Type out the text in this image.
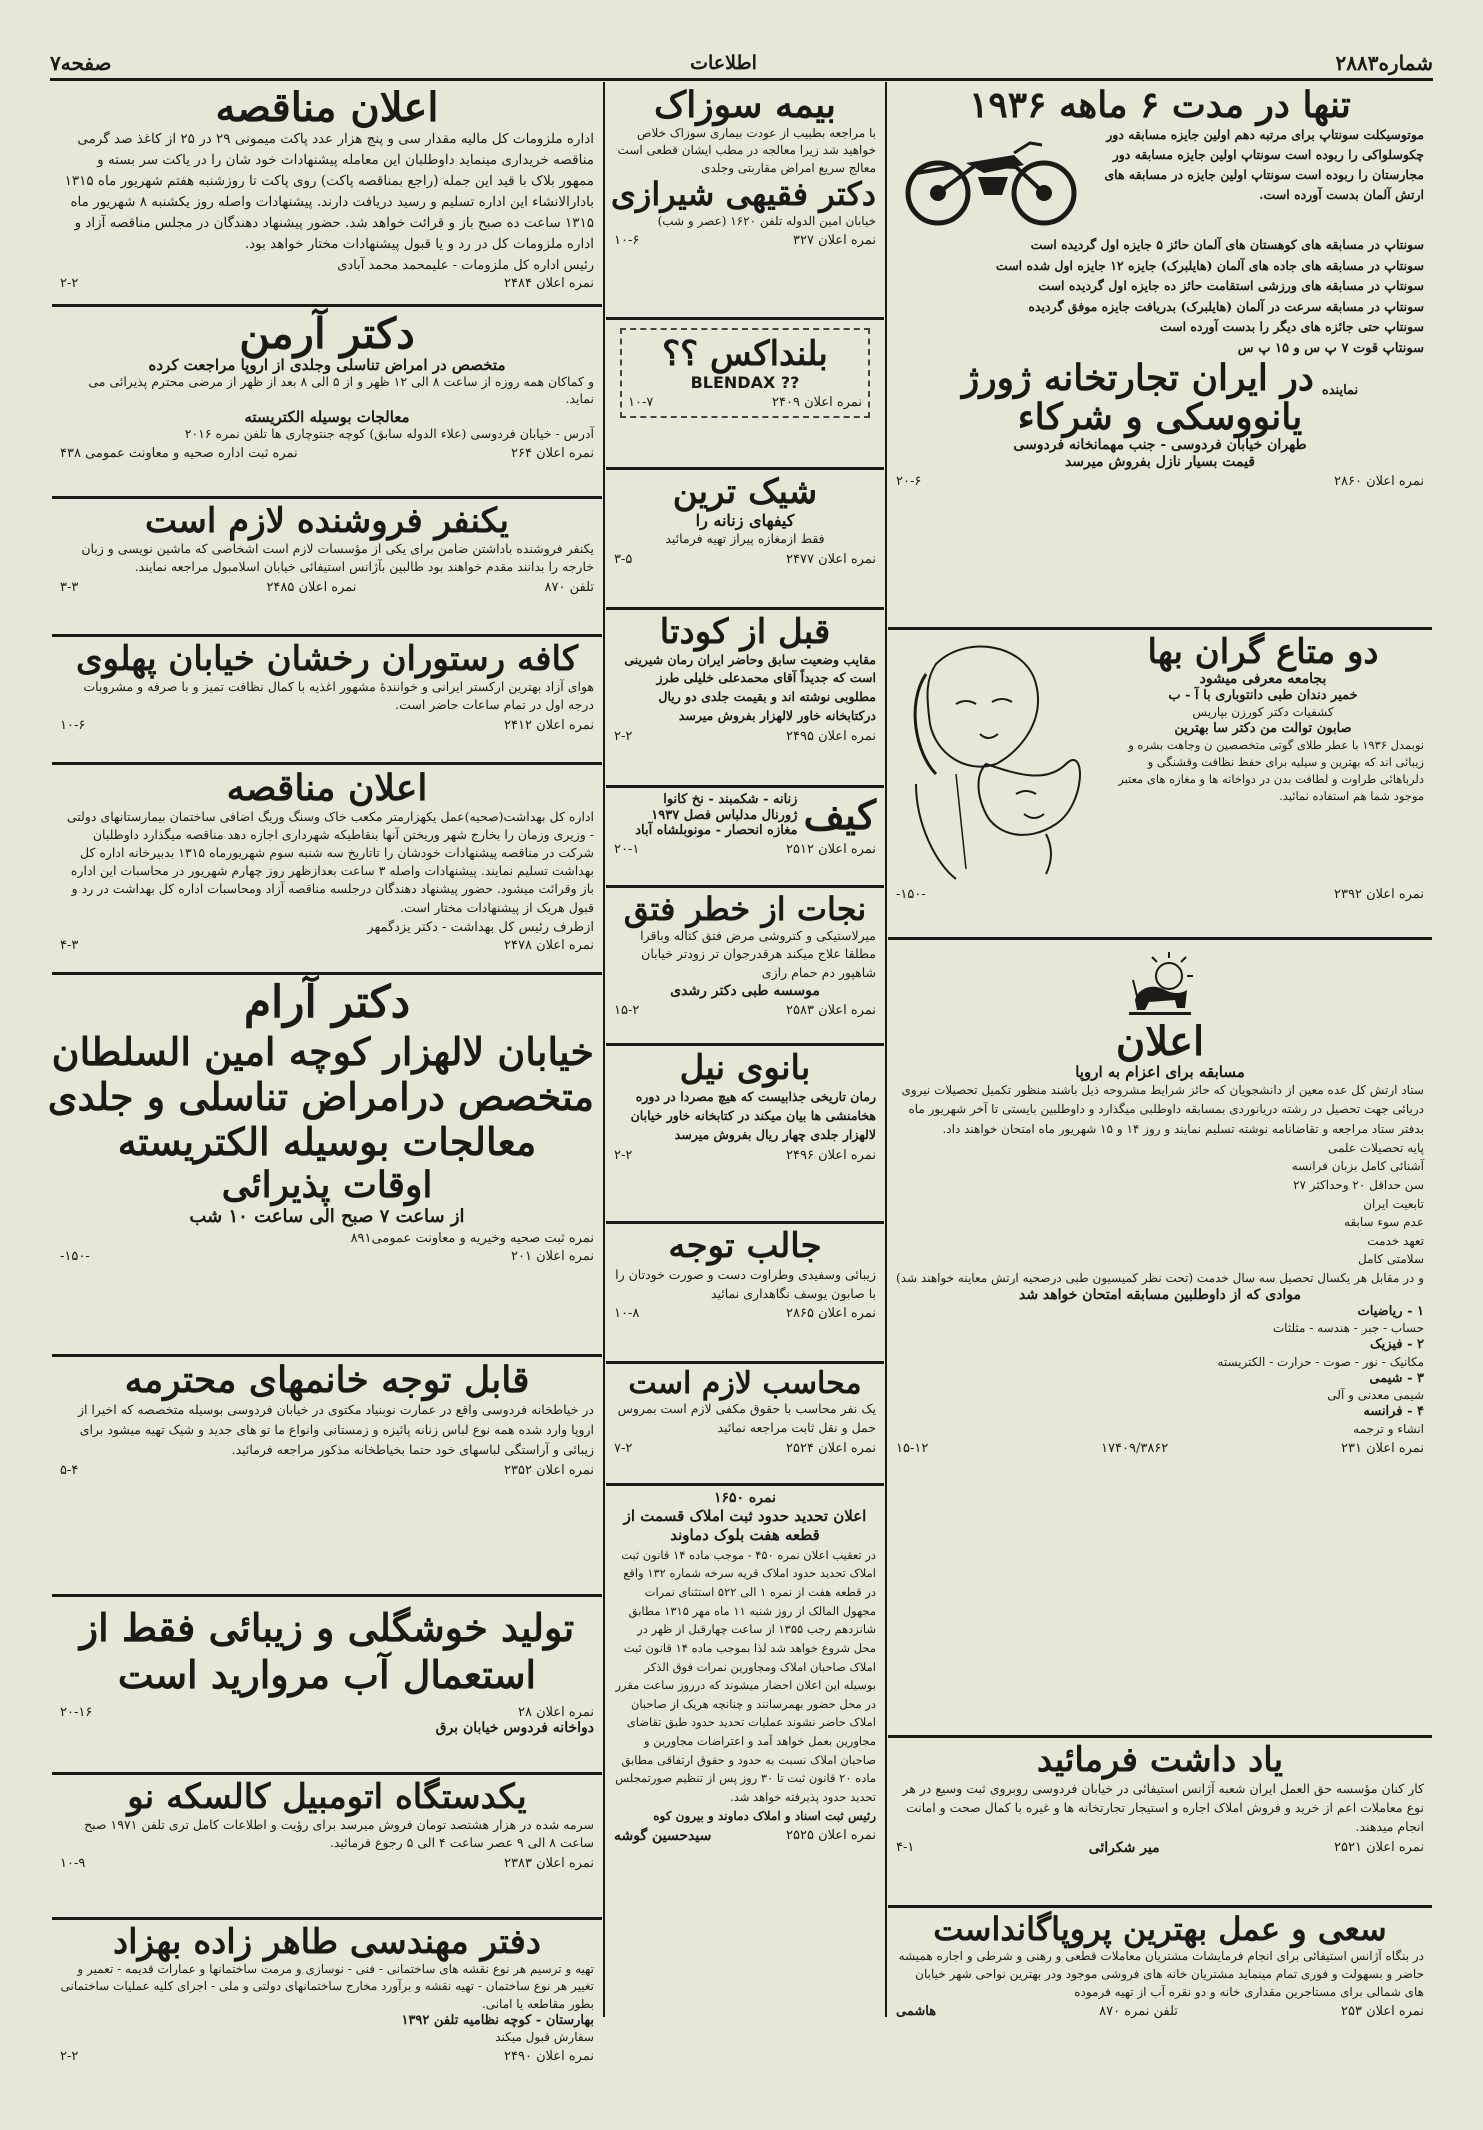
صفحه۷	اطلاعات	شماره۲۸۸۳
اعلان مناقصه
اداره ملزومات کل مالیه مقدار سی و پنج هزار عدد پاکت میمونی ۲۹ در ۲۵ از کاغذ صد گرمی مناقصه خریداری مینماید داوطلبان این معامله پیشنهادات خود شان را در یاکت سر بسته و ممهور بلاک با قید این جمله (راجع بمناقصه پاکت) روی پاکت تا روزشنبه هفتم شهریور ماه ۱۳۱۵ بادارالانشاء این اداره تسلیم و رسید دریافت دارند. پیشنهادات واصله روز یکشنبه ۸ شهریور ماه ۱۳۱۵ ساعت ده صبح باز و قرائت خواهد شد. حضور پیشنهاد دهندگان در مجلس مناقصه آزاد و اداره ملزومات کل در رد و یا قبول پیشنهادات مختار خواهد بود.
رئیس اداره کل ملزومات - علیمحمد محمد آبادی
نمره اعلان ۲۴۸۴
۲-۲
دکتر آرمن
متخصص در امراض تناسلی وجلدی از اروپا مراجعت کرده
و کماکان همه روزه از ساعت ۸ الی ۱۲ ظهر و از ۵ الی ۸ بعد از ظهر از مرضی محترم پذیرائی می نماید.
معالجات بوسیله الکتریسته
آدرس - خیابان فردوسی (علاء الدوله سابق) کوچه جنتوچاری ها تلفن نمره ۲۰۱۶
نمره اعلان ۲۶۴
نمره ثبت اداره صحیه و معاونت عمومی ۴۳۸
یکنفر فروشنده لازم است
یکنفر فروشنده باداشتن ضامن برای یکی از مؤسسات لازم است اشخاصی که ماشین نویسی و زبان خارجه را بدانند مقدم خواهند بود طالبین بآژانس استیفائی خیابان اسلامبول مراجعه نمایند.
تلفن ۸۷۰
نمره اعلان ۲۴۸۵
۳-۳
کافه رستوران رخشان خیابان پهلوی
هوای آزاد بهترین ارکستر ایرانی و خوانندهٔ مشهور اغذیه با کمال نظافت تمیز و با صرفه و مشروبات درجه اول در تمام ساعات حاضر است.
نمره اعلان ۲۴۱۲
۱۰-۶
اعلان مناقصه
اداره کل بهداشت(صحیه)عمل یکهزارمتر مکعب خاک وسنگ وریگ اضافی ساختمان بیمارستانهای دولتی - وزیری وزمان را بخارج شهر وریختن آنها بنقاطیکه شهرداری اجازه دهد مناقصه میگذارد داوطلبان شرکت در مناقصه پیشنهادات خودشان را تاتاریخ سه شنبه سوم شهریورماه ۱۳۱۵ بدبیرخانه اداره کل بهداشت تسلیم نمایند. پیشنهادات واصله ۳ ساعت بعدازظهر روز چهارم شهریور در محاسبات این اداره باز وقرائت میشود. حضور پیشنهاد دهندگان درجلسه مناقصه آزاد ومحاسبات اداره کل بهداشت در رد و قبول هریک از پیشنهادات مختار است.
ازطرف رئیس کل بهداشت - دکتر یزدگمهر
نمره اعلان ۲۴۷۸
۴-۳
دکتر آرام
خیابان لالهزار کوچه امین السلطان
متخصص درامراض تناسلی و جلدی
معالجات بوسیله الکتریسته
اوقات پذیرائی
از ساعت ۷ صبح الی ساعت ۱۰ شب
نمره ثبت صحیه وخیریه و معاونت عمومی۸۹۱
نمره اعلان ۲۰۱
-۱۵۰-
قابل توجه خانمهای محترمه
در خیاطخانه فردوسی واقع در عمارت نوبنیاد مکتوی در خیابان فردوسی بوسیله متخصصه که اخیرا از اروپا وارد شده همه نوع لباس زنانه پائیزه و زمستانی وانواع ما تو های جدید و شیک تهیه میشود برای زیبائی و آراستگی لباسهای خود حتما بخیاطخانه مذکور مراجعه فرمائید.
نمره اعلان ۲۳۵۲
۵-۴
تولید خوشگلی و زیبائی فقط از
استعمال آب مروارید است
نمره اعلان ۲۸
۲۰-۱۶
دواخانه فردوس خیابان برق
یکدستگاه اتومبیل کالسکه نو
سرمه شده در هزار هشتصد تومان فروش میرسد برای رؤیت و اطلاعات کامل تری تلفن ۱۹۷۱ صبح ساعت ۸ الی ۹ عصر ساعت ۴ الی ۵ رجوع فرمائید.
نمره اعلان ۲۳۸۳
۱۰-۹
دفتر مهندسی طاهر زاده بهزاد
تهیه و ترسیم هر نوع نقشه های ساختمانی - فنی - نوسازی و مرمت ساختمانها و عمارات قدیمه - تعمیر و تغییر هر نوع ساختمان - تهیه نقشه و برآورد مخارج ساختمانهای دولتی و ملی - اجرای کلیه عملیات ساختمانی بطور مقاطعه یا امانی.
بهارستان - کوچه نظامیه تلفن ۱۳۹۲
سفارش قبول میکند
نمره اعلان ۲۴۹۰
۲-۲
بیمه سوزاک
با مراجعه بطبیب از عودت بیماری سوزاک خلاص خواهید شد زیرا معالجه در مطب ایشان قطعی است معالج سریع امراض مقاربتی وجلدی
دکتر فقیهی شیرازی
خیابان امین الدوله تلفن ۱۶۲۰ (عصر و شب)
نمره اعلان ۳۲۷
۱۰-۶
بلنداکس ؟؟
BLENDAX ??
نمره اعلان ۲۴۰۹
۱۰-۷
شیک ترین
کیفهای زنانه را
فقط ازمغازه پیراز تهیه فرمائید
نمره اعلان ۲۴۷۷
۳-۵
قبل از کودتا
مقایب وضعیت سابق وحاضر ایران رمان شیرینی است که جدیداً آقای محمدعلی خلیلی طرز مطلوبی نوشته اند و بقیمت جلدی دو ریال درکتابخانه خاور لالهزار بفروش میرسد
نمره اعلان ۲۴۹۵
۲-۲
کیف
زنانه - شکمبند - نخ کانوا
ژورنال مدلباس فصل ۱۹۳۷
مغازه انحصار - مونوبلشاه آباد
نمره اعلان ۲۵۱۲
۲۰-۱
نجات از خطر فتق
میرلاستیکی و کتروشی مرض فتق کتاله وباقرا مطلقا علاج میکند هرقدرجوان تر زودتر خیابان شاهپور دم حمام رازی
موسسه طبی دکتر رشدی
نمره اعلان ۲۵۸۳
۱۵-۲
بانوی نیل
رمان تاریخی جذابیست که هیچ مصردا در دوره هخامنشی ها بیان میکند در کتابخانه خاور خیابان لالهزار جلدی چهار ریال بفروش میرسد
نمره اعلان ۲۴۹۶
۲-۲
جالب توجه
زیبائی وسفیدی وطراوت دست و صورت خودتان را با صابون یوسف نگاهداری نمائید
نمره اعلان ۲۸۶۵
۱۰-۸
محاسب لازم است
یک نفر محاسب با حقوق مکفی لازم است بمروس حمل و نقل ثابت مراجعه نمائید
نمره اعلان ۲۵۲۴
۷-۲
نمره ۱۶۵۰
اعلان تحدید حدود ثبت املاک قسمت از قطعه هفت بلوک دماوند
در تعقیب اعلان نمره ۴۵۰ - موجب ماده ۱۴ قانون ثبت املاک تحدید حدود املاک قریه سرخه شماره ۱۳۲ واقع در قطعه هفت از نمره ۱ الی ۵۲۲ استثنای نمرات مجهول المالک از روز شنبه ۱۱ ماه مهر ۱۳۱۵ مطابق شانزدهم رجب ۱۳۵۵ از ساعت چهارقبل از ظهر در محل شروع خواهد شد لذا بموجب ماده ۱۴ قانون ثبت املاک صاحبان املاک ومجاورین نمرات فوق الذکر بوسیله این اعلان احضار میشوند که درروز ساعت مقرر در محل حضور بهمرسانند و چنانچه هریک از صاحبان املاک حاضر نشوند عملیات تحدید حدود طبق تقاضای مجاورین بعمل خواهد آمد و اعتراضات مجاورین و صاحبان املاک نسبت به حدود و حقوق ارتفاقی مطابق ماده ۲۰ قانون ثبت تا ۳۰ روز پس از تنظیم صورتمجلس تحدید حدود پذیرفته خواهد شد.
رئیس ثبت اسناد و املاک دماوند و بیرون کوه
نمره اعلان ۲۵۲۵
سیدحسین گوشه
تنها در مدت ۶ ماهه ۱۹۳۶
موتوسیکلت سونتاپ برای مرتبه دهم اولین جایزه مسابقه دور چکوسلواکی را ربوده است سونتاپ اولین جایزه مسابقه دور مجارستان را ربوده است سونتاپ اولین جایزه در مسابقه های ارتش آلمان بدست آورده است.
سونتاپ در مسابقه های کوهستان های آلمان حائز ۵ جایزه اول گردیده است
سونتاپ در مسابقه های جاده های آلمان (هایلبرک) جایزه ۱۲ جایزه اول شده است
سونتاپ در مسابقه های ورزشی استقامت حائز ده جایزه اول گردیده است
سونتاپ در مسابقه سرعت در آلمان (هایلبرک) بدریافت جایزه موفق گردیده
سونتاپ حتی جائزه های دیگر را بدست آورده است
سونتاپ قوت ۷ پ س و ۱۵ پ س
نماینده
در ایران تجارتخانه ژورژ
یانووسکی و شرکاء
طهران خیابان فردوسی - جنب مهمانخانه فردوسی
قیمت بسیار نازل بفروش میرسد
نمره اعلان ۲۸۶۰
۲۰-۶
دو متاع گران بها
بجامعه معرفی میشود
خمیر دندان طبی دانتوباری با آ - ب
کشفیات دکتر کورزن بپاریس
صابون توالت من دکتر سا بهترین
نوبمدل ۱۹۳۶ با عطر طلای گوتی متخصصین ن وجاهت بشره و زیبائی اند که بهترین و سیلیه برای حفظ نظافت وقشنگی و دلرباهائی طراوت و لطافت بدن در دواخانه ها و مغازه های معتبر موجود شما هم استفاده نمائید.
نمره اعلان ۲۳۹۲
-۱۵۰-
اعلان
مسابقه برای اعزام به اروپا
ستاد ارتش کل عده معین از دانشجویان که حائز شرایط مشروحه ذیل باشند منظور تکمیل تحصیلات نیروی دریائی جهت تحصیل در رشته دریانوردی بمسابقه داوطلبی میگذارد و داوطلبین بایستی تا آخر شهریور ماه بدفتر ستاد مراجعه و تقاضانامه نوشته تسلیم نمایند و روز ۱۴ و ۱۵ شهریور ماه امتحان خواهند داد.
پایه تحصیلات علمی
آشنائی کامل بزبان فرانسه
سن حداقل ۲۰ وحداکثر ۲۷
تابعیت ایران
عدم سوء سابقه
تعهد خدمت
سلامتی کامل
و در مقابل هر یکسال تحصیل سه سال خدمت (تحت نظر کمیسیون طبی درصحیه ارتش معاینه خواهند شد)
موادی که از داوطلبین مسابقه امتحان خواهد شد
۱ - ریاضیات
حساب - جبر - هندسه - مثلثات
۲ - فیزیک
مکانیک - نور - صوت - حرارت - الکتریسته
۳ - شیمی
شیمی معدنی و آلی
۴ - فرانسه
انشاء و ترجمه
نمره اعلان ۲۳۱
۱۷۴۰۹/۳۸۶۲
۱۵-۱۲
یاد داشت فرمائید
کار کنان مؤسسه حق العمل ایران شعبه آژانس استیفائی در خیابان فردوسی روبروی ثبت وسیع در هر نوع معاملات اعم از خرید و فروش املاک اجاره و استیجار تجارتخانه ها و غیره با کمال صحت و امانت انجام میدهند.
نمره اعلان ۲۵۲۱
میر شکرائی
۴-۱
سعی و عمل بهترین پروپاگانداست
در بنگاه آژانس استیفائی برای انجام فرمایشات مشتریان معاملات قطعی و رهنی و شرطی و اجاره همیشه حاضر و بسهولت و فوری تمام مینماید مشتریان خانه های فروشی موجود ودر بهترین نواحی شهر خیابان های شمالی برای مستاجرین مقداری خانه و دو نقره آب از تهیه فرموده
نمره اعلان ۲۵۳
تلفن نمره ۸۷۰
هاشمی
